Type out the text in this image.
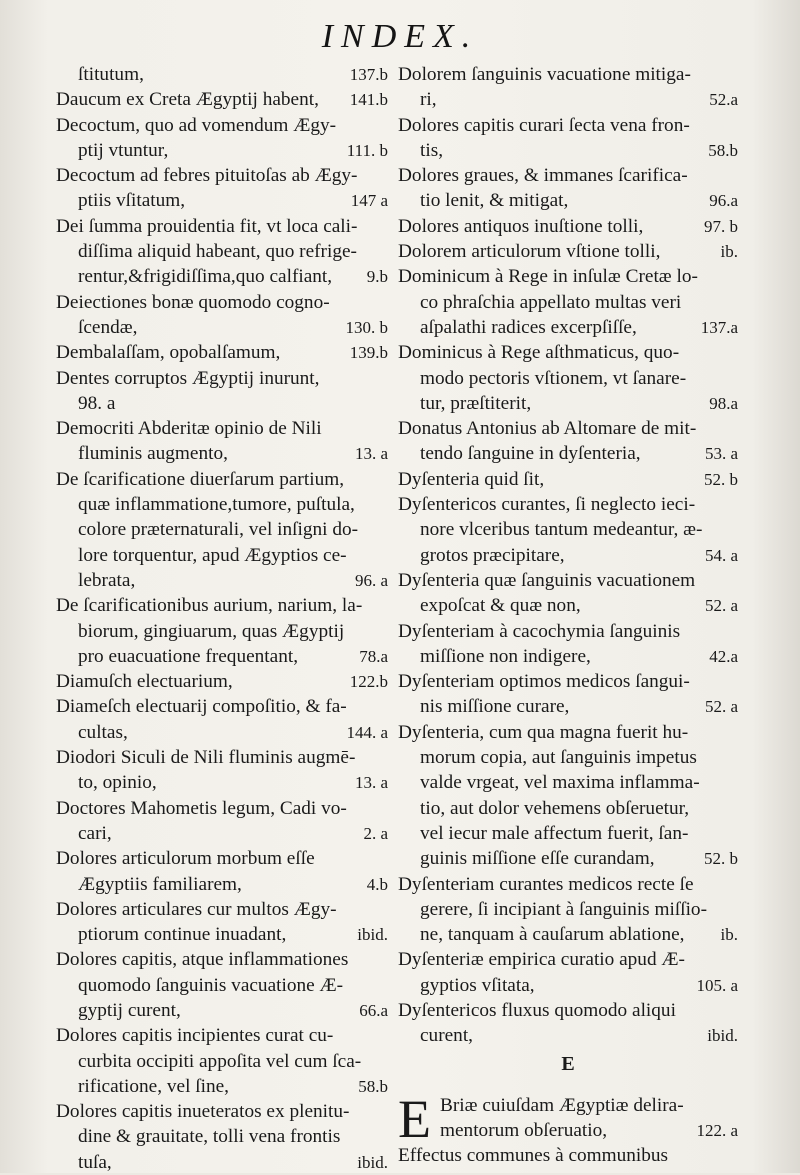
INDEX.
ſtitutum,	137.b
Daucum ex Creta Ægyptij habent,	141.b
Decoctum, quo ad vomendum Ægy-
ptij vtuntur,	111. b
Decoctum ad febres pituitoſas ab Ægy-
ptiis vſitatum,	147 a
Dei ſumma prouidentia fit, vt loca cali-
diſſima aliquid habeant, quo refrige-
rentur,&frigidiſſima,quo calfiant,	9.b
Deiectiones bonæ quomodo cogno-
ſcendæ,	130. b
Dembalaſſam, opobalſamum,	139.b
Dentes corruptos Ægyptij inurunt,
98. a
Democriti Abderitæ opinio de Nili
fluminis augmento,	13. a
De ſcarificatione diuerſarum partium,
quæ inflammatione,tumore, puſtula,
colore præternaturali, vel inſigni do-
lore torquentur, apud Ægyptios ce-
lebrata,	96. a
De ſcarificationibus aurium, narium, la-
biorum, gingiuarum, quas Ægyptij
pro euacuatione frequentant,	78.a
Diamuſch electuarium,	122.b
Diameſch electuarij compoſitio, & fa-
cultas,	144. a
Diodori Siculi de Nili fluminis augmē-
to, opinio,	13. a
Doctores Mahometis legum, Cadi vo-
cari,	2. a
Dolores articulorum morbum eſſe
Ægyptiis familiarem,	4.b
Dolores articulares cur multos Ægy-
ptiorum continue inuadant,	ibid.
Dolores capitis, atque inflammationes
quomodo ſanguinis vacuatione Æ-
gyptij curent,	66.a
Dolores capitis incipientes curat cu-
curbita occipiti appoſita vel cum ſca-
rificatione, vel ſine,	58.b
Dolores capitis inueteratos ex plenitu-
dine & grauitate, tolli vena frontis
tuſa,	ibid.
Dolorem ſanguinis vacuatione mitiga-
ri,	52.a
Dolores capitis curari ſecta vena fron-
tis,	58.b
Dolores graues, & immanes ſcarifica-
tio lenit, & mitigat,	96.a
Dolores antiquos inuſtione tolli,	97. b
Dolorem articulorum vſtione tolli,	ib.
Dominicum à Rege in inſulæ Cretæ lo-
co phraſchia appellato multas veri
aſpalathi radices excerpſiſſe,	137.a
Dominicus à Rege aſthmaticus, quo-
modo pectoris vſtionem, vt ſanare-
tur, præſtiterit,	98.a
Donatus Antonius ab Altomare de mit-
tendo ſanguine in dyſenteria,	53. a
Dyſenteria quid ſit,	52. b
Dyſentericos curantes, ſi neglecto ieci-
nore vlceribus tantum medeantur, æ-
grotos præcipitare,	54. a
Dyſenteria quæ ſanguinis vacuationem
expoſcat & quæ non,	52. a
Dyſenteriam à cacochymia ſanguinis
miſſione non indigere,	42.a
Dyſenteriam optimos medicos ſangui-
nis miſſione curare,	52. a
Dyſenteria, cum qua magna fuerit hu-
morum copia, aut ſanguinis impetus
valde vrgeat, vel maxima inflamma-
tio, aut dolor vehemens obſeruetur,
vel iecur male affectum fuerit, ſan-
guinis miſſione eſſe curandam,	52. b
Dyſenteriam curantes medicos recte ſe
gerere, ſi incipiant à ſanguinis miſſio-
ne, tanquam à cauſarum ablatione,	ib.
Dyſenteriæ empirica curatio apud Æ-
gyptios vſitata,	105. a
Dyſentericos fluxus quomodo aliqui
curent,	ibid.
E
E Briæ cuiuſdam Ægyptiæ delira-
mentorum obſeruatio,	122. a
Effectus communes à communibus
